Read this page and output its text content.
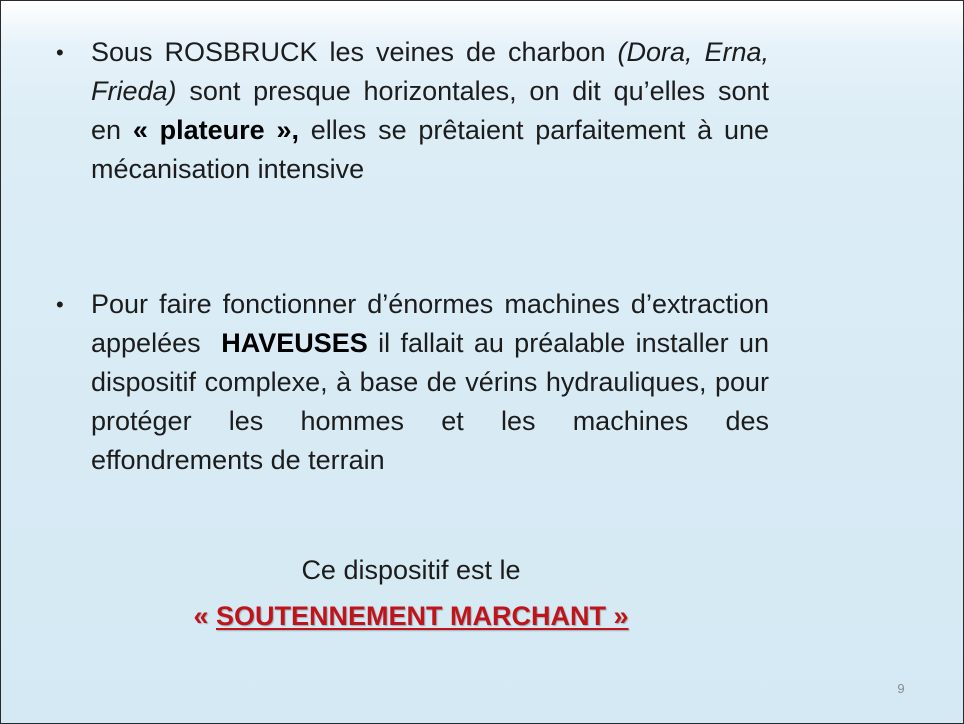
• Sous ROSBRUCK les veines de charbon (Dora, Erna, Frieda) sont presque horizontales, on dit qu’elles sont en « plateure », elles se prêtaient parfaitement à une mécanisation intensive
• Pour faire fonctionner d’énormes machines d’extraction appelées  HAVEUSES il fallait au préalable installer un dispositif complexe, à base de vérins hydrauliques, pour protéger les hommes et les machines des effondrements de terrain
Ce dispositif est le
« SOUTENNEMENT MARCHANT »
9
